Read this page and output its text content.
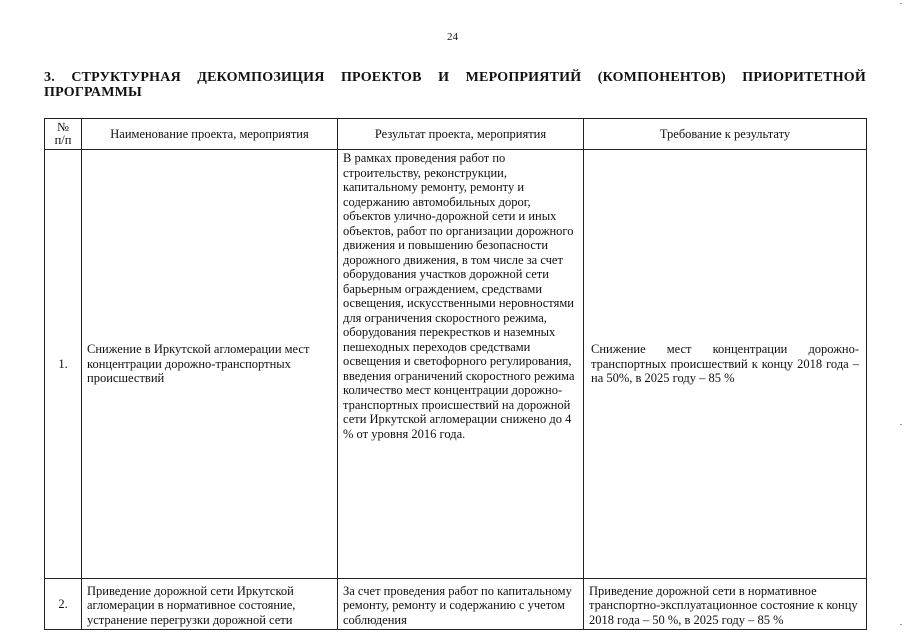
24
3. СТРУКТУРНАЯ ДЕКОМПОЗИЦИЯ ПРОЕКТОВ И МЕРОПРИЯТИЙ (КОМПОНЕНТОВ) ПРИОРИТЕТНОЙ ПРОГРАММЫ
№ п/п	Наименование проекта, мероприятия	Результат проекта, мероприятия	Требование к результату
1.	Снижение в Иркутской агломерации мест концентрации дорожно-транспортных происшествий	В рамках проведения работ по строительству, реконструкции, капитальному ремонту, ремонту и содержанию автомобильных дорог, объектов улично-дорожной сети и иных объектов, работ по организации дорожного движения и повышению безопасности дорожного движения, в том числе за счет оборудования участков дорожной сети барьерным ограждением, средствами освещения, искусственными неровностями для ограничения скоростного режима, оборудования перекрестков и наземных пешеходных переходов средствами освещения и светофорного регулирования, введения ограничений скоростного режима количество мест концентрации дорожно-транспортных происшествий на дорожной сети Иркутской агломерации снижено до 4 % от уровня 2016 года.	Снижение мест концентрации дорожно-транспортных происшествий к концу 2018 года – на 50%, в 2025 году – 85 %

2.	Приведение дорожной сети Иркутской агломерации в нормативное состояние, устранение перегрузки дорожной сети	За счет проведения работ по капитальному ремонту, ремонту и содержанию с учетом соблюдения	Приведение дорожной сети в нормативное транспортно-эксплуатационное состояние к концу 2018 года – 50 %, в 2025 году – 85 %
